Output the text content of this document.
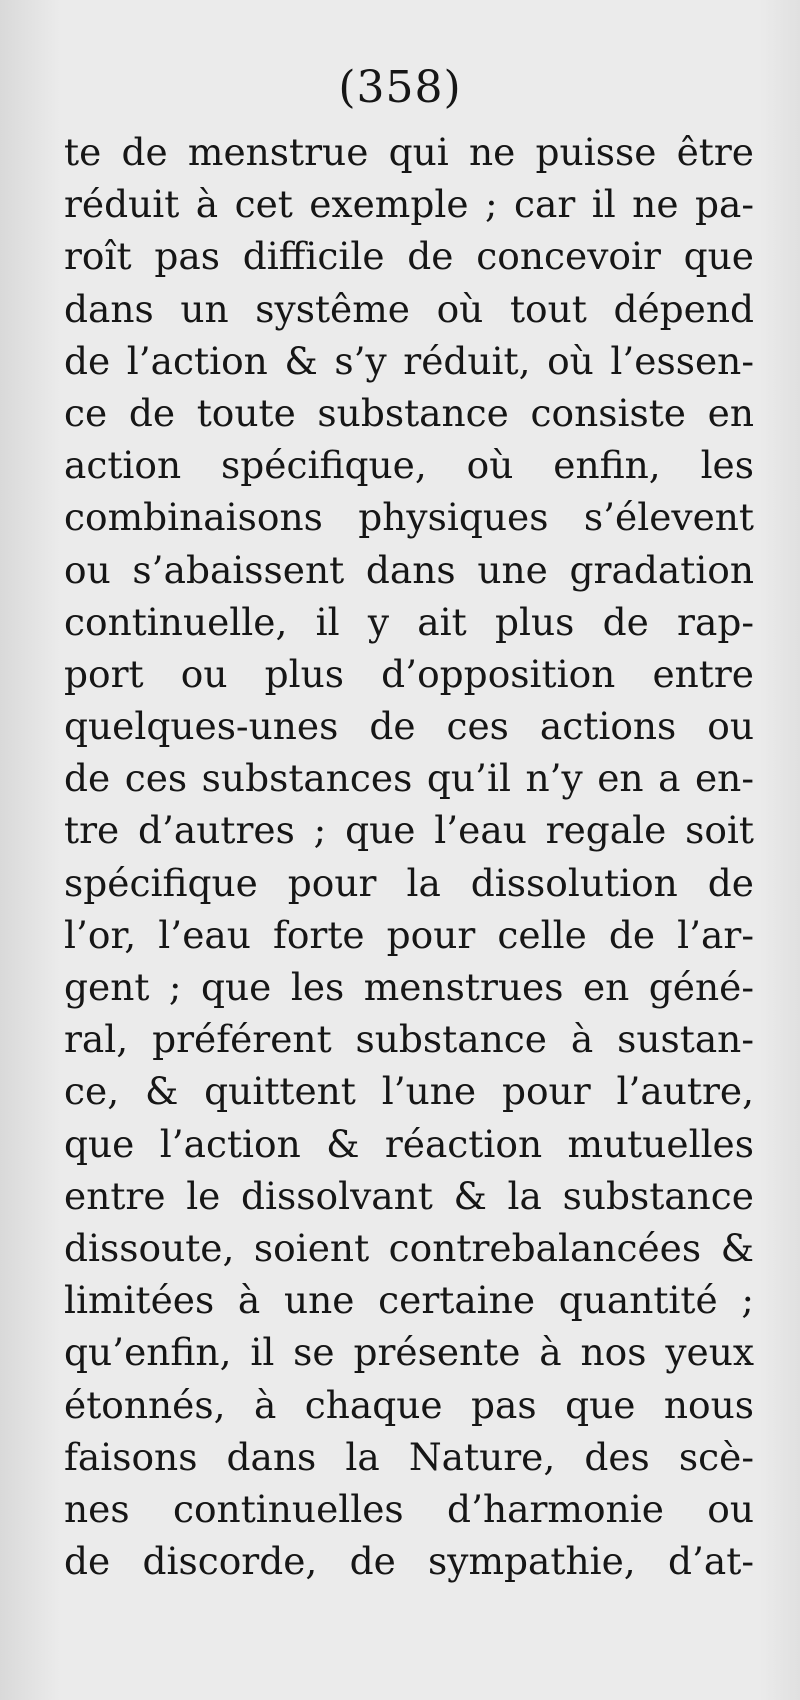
(358)
te de menstrue qui ne puisse être
réduit à cet exemple ; car il ne pa-
roît pas difficile de concevoir que
dans un systême où tout dépend
de l’action & s’y réduit, où l’essen-
ce de toute substance consiste en
action spécifique, où enfin, les
combinaisons physiques s’élevent
ou s’abaissent dans une gradation
continuelle, il y ait plus de rap-
port ou plus d’opposition entre
quelques-unes de ces actions ou
de ces substances qu’il n’y en a en-
tre d’autres ; que l’eau regale soit
spécifique pour la dissolution de
l’or, l’eau forte pour celle de l’ar-
gent ; que les menstrues en géné-
ral, préférent substance à sustan-
ce, & quittent l’une pour l’autre,
que l’action & réaction mutuelles
entre le dissolvant & la substance
dissoute, soient contrebalancées &
limitées à une certaine quantité ;
qu’enfin, il se présente à nos yeux
étonnés, à chaque pas que nous
faisons dans la Nature, des scè-
nes continuelles d’harmonie ou
de discorde, de sympathie, d’at-
